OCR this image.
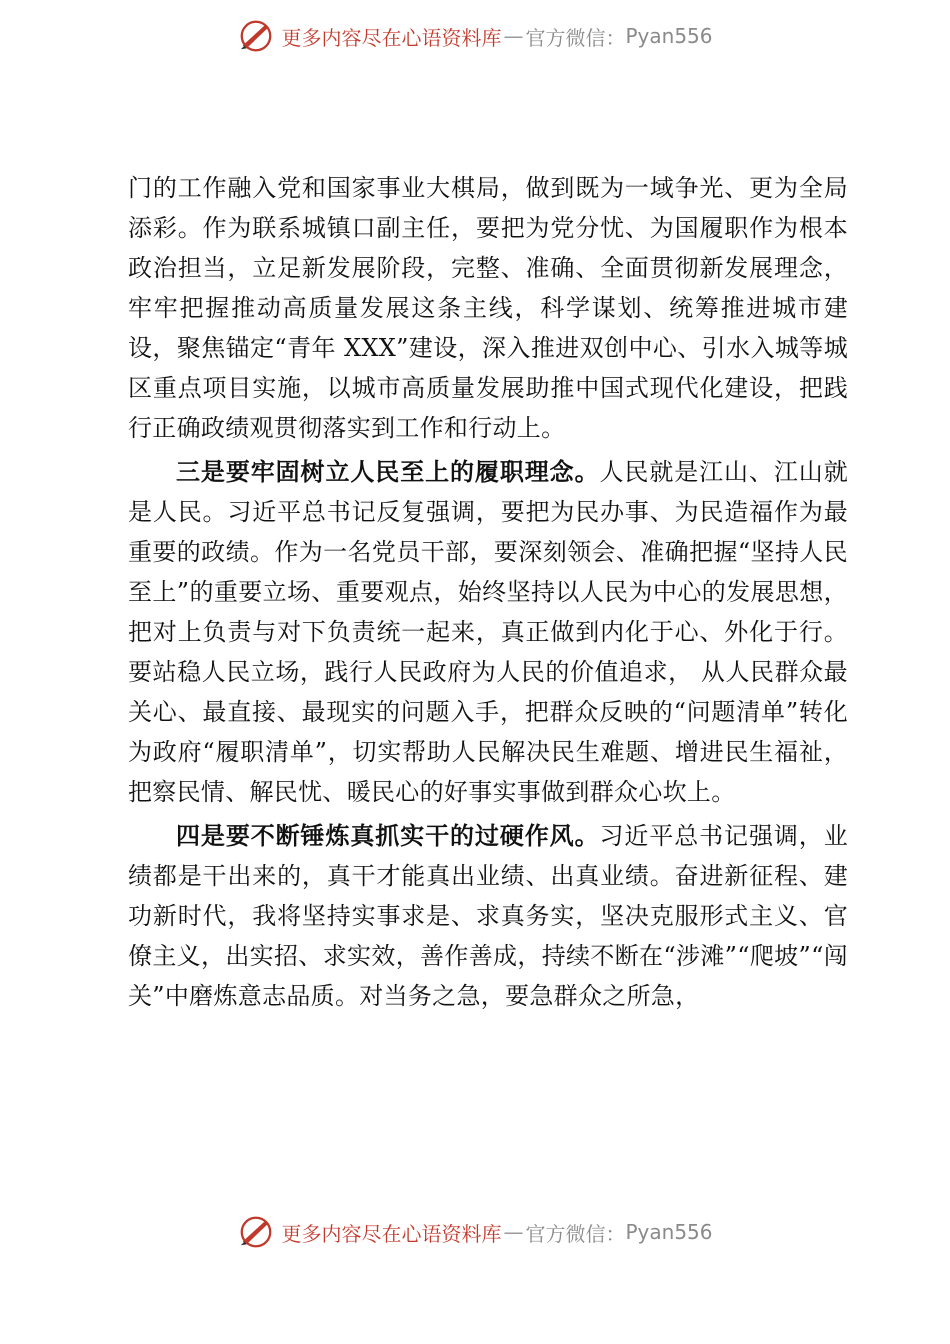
更多内容尽在心语资料库 — 官方微信： Pyan556

门的工作融入党和国家事业大棋局，做到既为一域争光、更为全局添彩。作为联系城镇口副主任，要把为党分忧、为国履职作为根本政治担当，立足新发展阶段，完整、准确、全面贯彻新发展理念，牢牢把握推动高质量发展这条主线，科学谋划、统筹推进城市建设，聚焦锚定“青年 XXX”建设，深入推进双创中心、引水入城等城区重点项目实施，以城市高质量发展助推中国式现代化建设，把践行正确政绩观贯彻落实到工作和行动上。

三是要牢固树立人民至上的履职理念。人民就是江山、江山就是人民。习近平总书记反复强调，要把为民办事、为民造福作为最重要的政绩。作为一名党员干部，要深刻领会、准确把握“坚持人民至上”的重要立场、重要观点，始终坚持以人民为中心的发展思想，把对上负责与对下负责统一起来，真正做到内化于心、外化于行。要站稳人民立场，践行人民政府为人民的价值追求， 从人民群众最关心、最直接、最现实的问题入手，把群众反映的“问题清单”转化为政府“履职清单”，切实帮助人民解决民生难题、增进民生福祉，把察民情、解民忧、暖民心的好事实事做到群众心坎上。

四是要不断锤炼真抓实干的过硬作风。习近平总书记强调，业绩都是干出来的，真干才能真出业绩、出真业绩。奋进新征程、建功新时代，我将坚持实事求是、求真务实，坚决克服形式主义、官僚主义，出实招、求实效，善作善成，持续不断在“涉滩”“爬坡”“闯关”中磨炼意志品质。对当务之急，要急群众之所急，

更多内容尽在心语资料库 — 官方微信： Pyan556
